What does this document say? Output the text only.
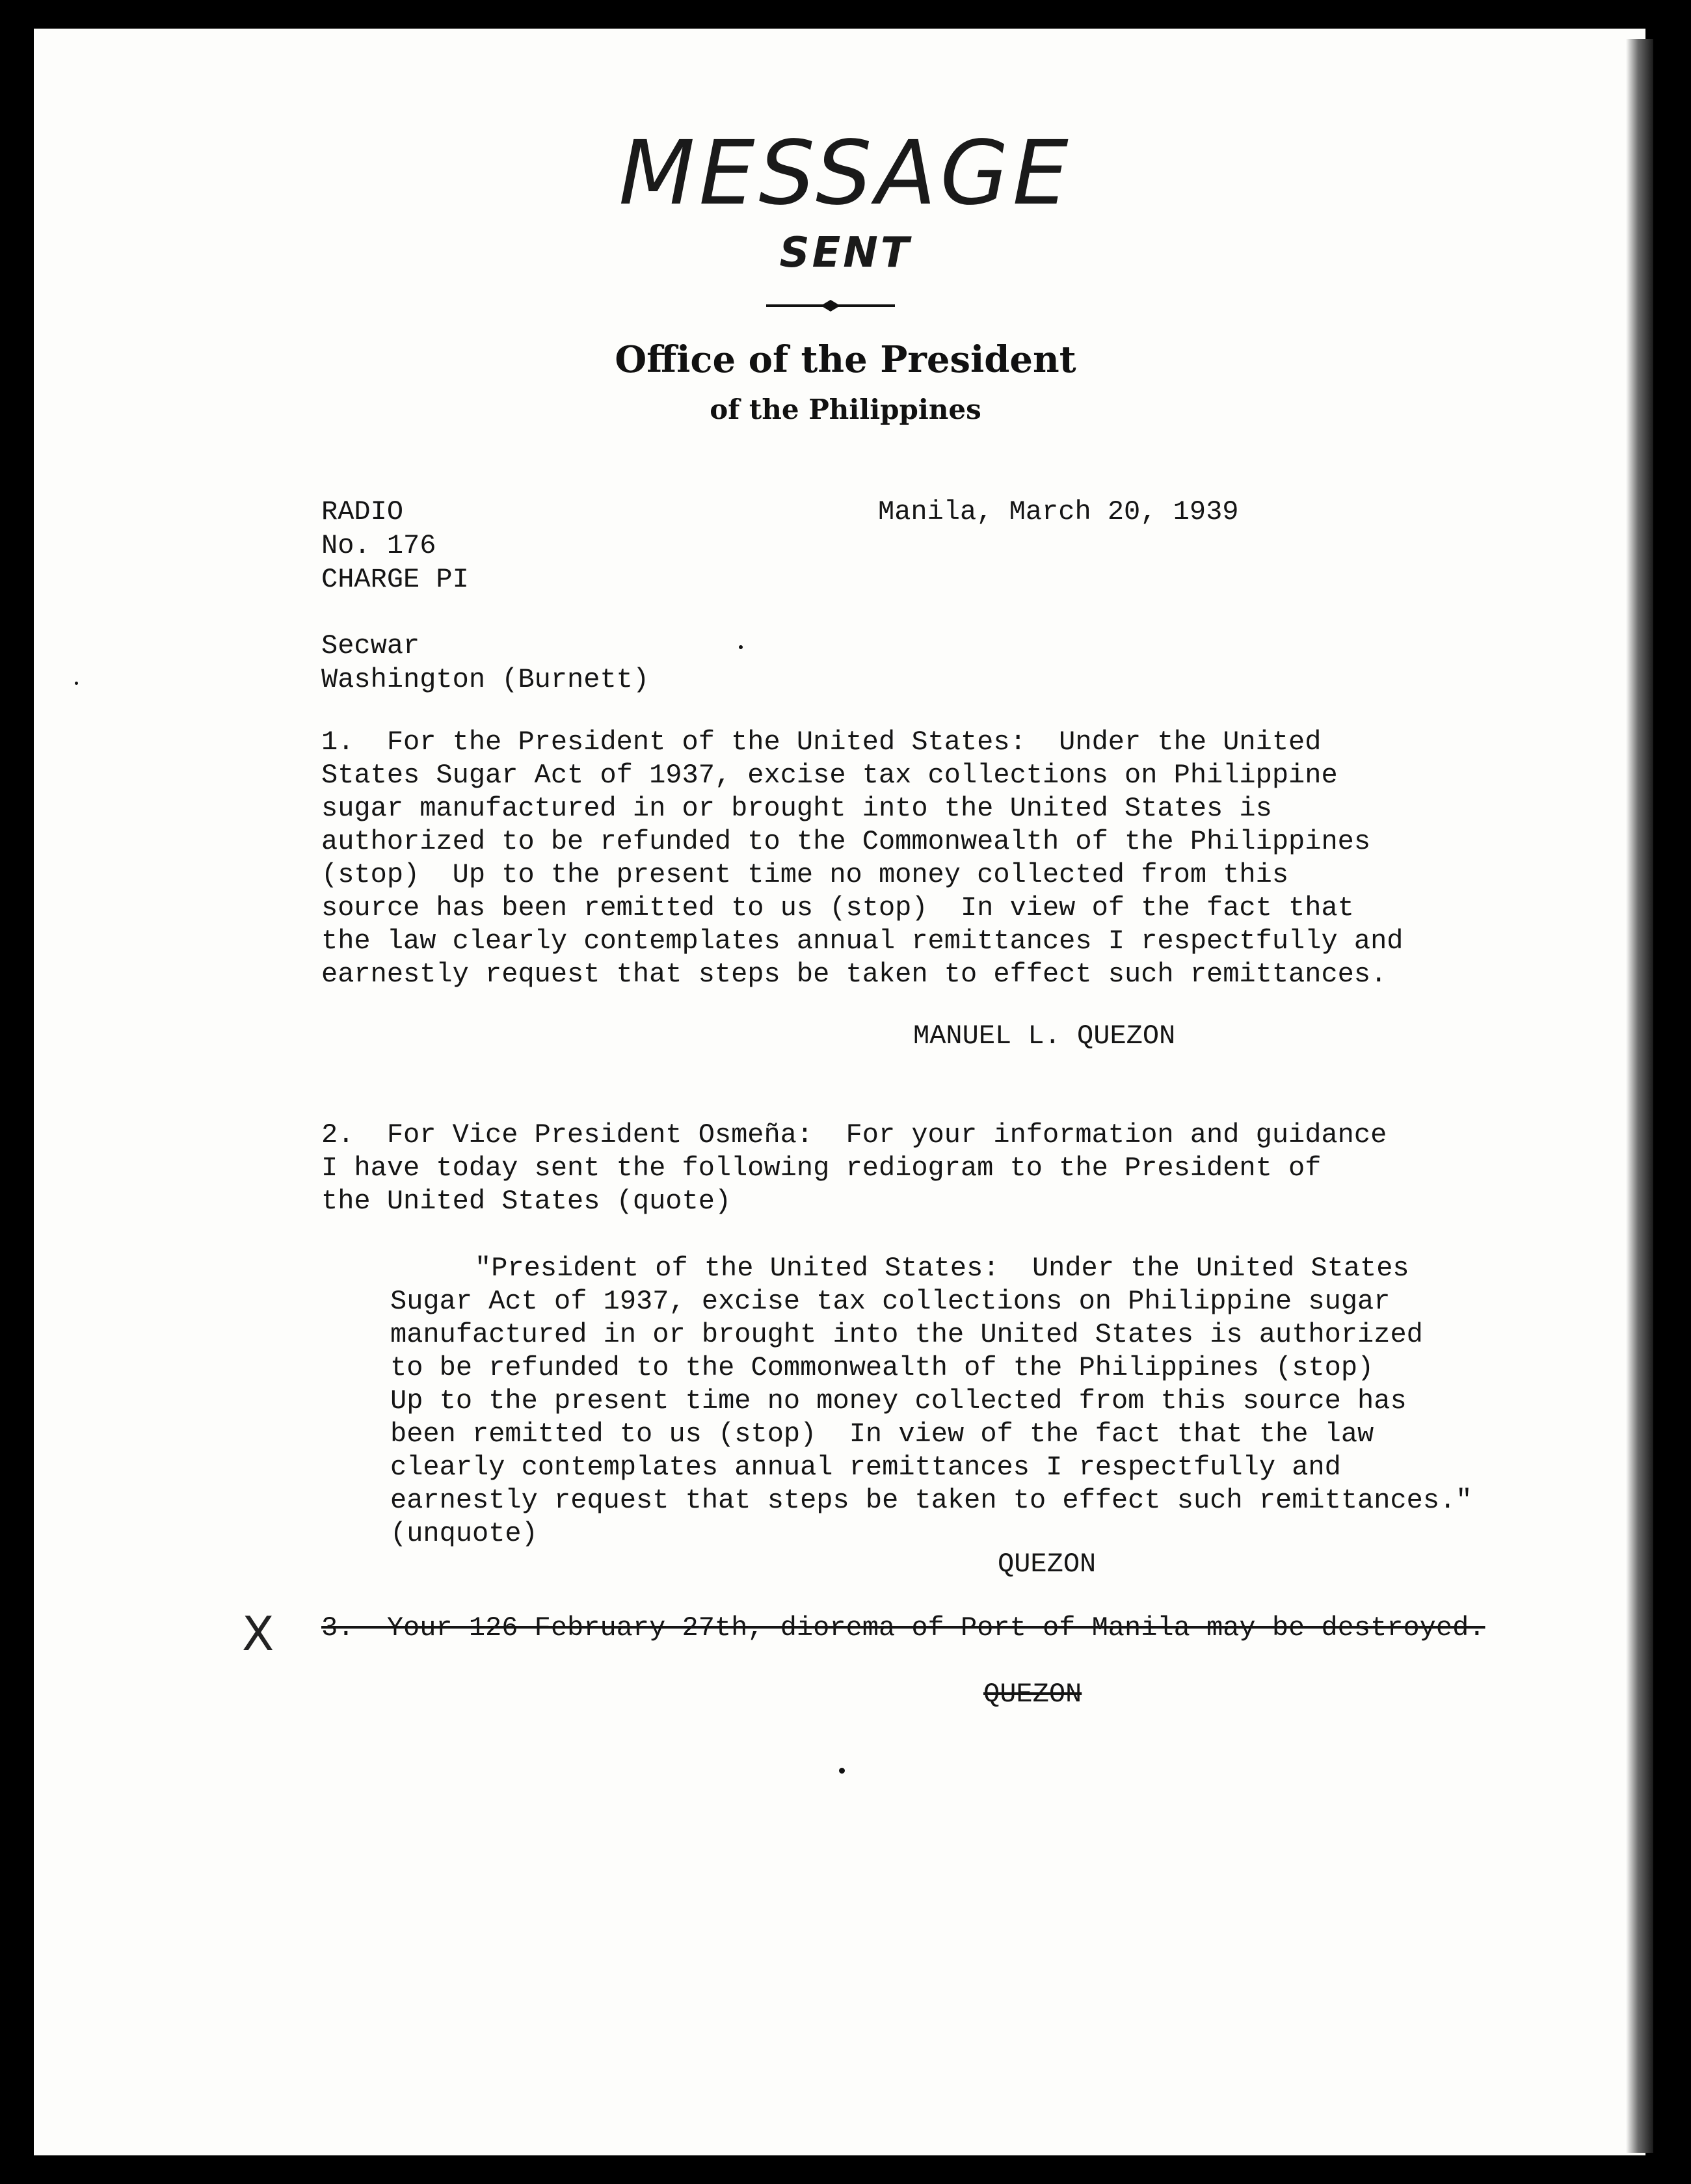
MESSAGE
SENT
Office of the President
of the Philippines
RADIO
No. 176
CHARGE PI
Manila, March 20, 1939
Secwar
Washington (Burnett)
1.  For the President of the United States:  Under the United
States Sugar Act of 1937, excise tax collections on Philippine
sugar manufactured in or brought into the United States is
authorized to be refunded to the Commonwealth of the Philippines
(stop)  Up to the present time no money collected from this
source has been remitted to us (stop)  In view of the fact that
the law clearly contemplates annual remittances I respectfully and
earnestly request that steps be taken to effect such remittances.
MANUEL L. QUEZON
2.  For Vice President Osmeña:  For your information and guidance
I have today sent the following rediogram to the President of
the United States (quote)
"President of the United States:  Under the United States
Sugar Act of 1937, excise tax collections on Philippine sugar
manufactured in or brought into the United States is authorized
to be refunded to the Commonwealth of the Philippines (stop)
Up to the present time no money collected from this source has
been remitted to us (stop)  In view of the fact that the law
clearly contemplates annual remittances I respectfully and
earnestly request that steps be taken to effect such remittances."
(unquote)
QUEZON
X 3.  Your 126 February 27th, diorema of Port of Manila may be destroyed.
QUEZON
